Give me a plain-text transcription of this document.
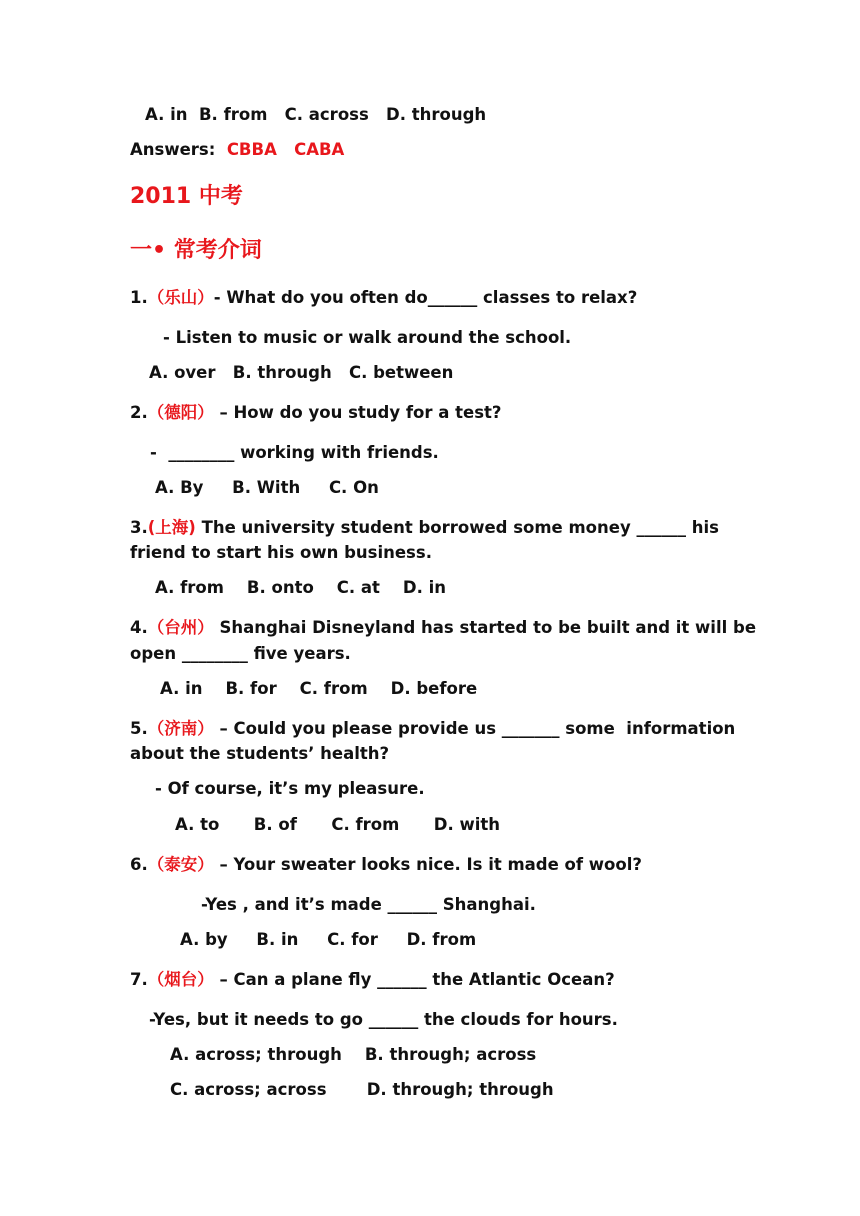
A. in  B. from   C. across   D. through
Answers: CBBA   CABA
2011 中考
一• 常考介词
1.（乐山）- What do you often do______ classes to relax?
- Listen to music or walk around the school.
A. over   B. through   C. between
2.（德阳） – How do you study for a test?
-  ________ working with friends.
A. By     B. With     C. On
3.(上海) The university student borrowed some money ______ his
friend to start his own business.
A. from    B. onto    C. at    D. in
4.（台州） Shanghai Disneyland has started to be built and it will be
open ________ five years.
A. in    B. for    C. from    D. before
5.（济南） – Could you please provide us _______ some  information
about the students’ health?
- Of course, it’s my pleasure.
A. to      B. of      C. from      D. with
6.（泰安） – Your sweater looks nice. Is it made of wool?
-Yes , and it’s made ______ Shanghai.
A. by     B. in     C. for     D. from
7.（烟台） – Can a plane fly ______ the Atlantic Ocean?
-Yes, but it needs to go ______ the clouds for hours.
A. across; through    B. through; across
C. across; across       D. through; through
